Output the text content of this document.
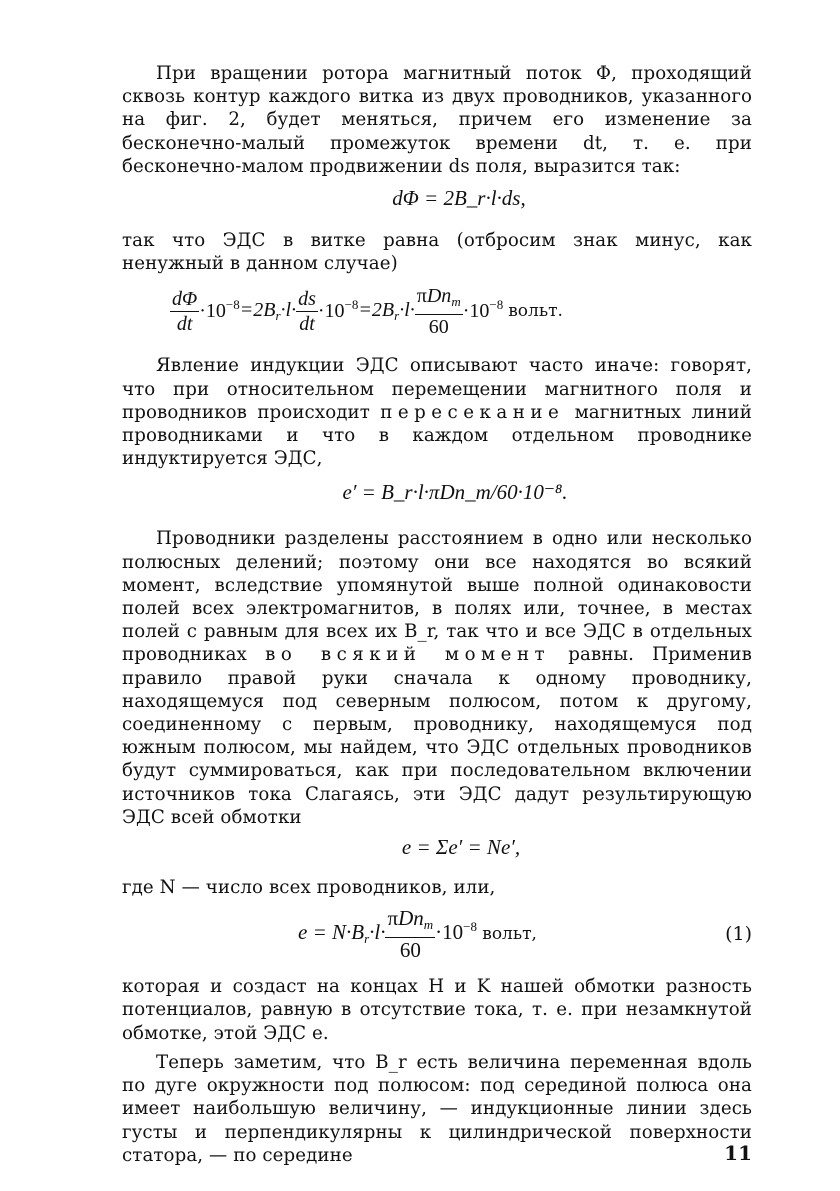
При вращении ротора магнитный поток Φ, проходящий сквозь контур каждого витка из двух проводников, указанного на фиг. 2, будет меняться, причем его изменение за бесконечно-малый промежуток времени dt, т. е. при бесконечно-малом продвижении ds поля, выразится так:

dΦ = 2B_r·l·ds,

так что ЭДС в витке равна (отбросим знак минус, как ненужный в данном случае)

$\frac{d\Phi}{dt} \cdot 10^{-8}=2B_r\cdot l\cdot \frac{ds}{dt} \cdot 10^{-8}=2B_r\cdot l\cdot$
πDn$_m$
60
$\cdot 10^{-8}$ вольт.

Явление индукции ЭДС описывают часто иначе: говорят, что при относительном перемещении магнитного поля и проводников происходит пересекание магнитных линий проводниками и что в каждом отдельном проводнике индуктируется ЭДС,

e′ = B_r·l·πDn_m/60·10⁻⁸.

Проводники разделены расстоянием в одно или несколько полюсных делений; поэтому они все находятся во всякий момент, вследствие упомянутой выше полной одинаковости полей всех электромагнитов, в полях или, точнее, в местах полей с равным для всех их B_r, так что и все ЭДС в отдельных проводниках во всякий момент равны. Применив правило правой руки сначала к одному проводнику, находящемуся под северным полюсом, потом к другому, соединенному с первым, проводнику, находящемуся под южным полюсом, мы найдем, что ЭДС отдельных проводников будут суммироваться, как при последовательном включении источников тока Слагаясь, эти ЭДС дадут результирующую ЭДС всей обмотки

e = Σe′ = Ne′,

где N — число всех проводников, или,

$e = N\cdot B_r\cdot l\cdot$
πDn$_m$
60
$\cdot 10^{-8}$ вольт,	(1)

которая и создаст на концах H и K нашей обмотки разность потенциалов, равную в отсутствие тока, т. е. при незамкнутой обмотке, этой ЭДС e.

Теперь заметим, что B_r есть величина переменная вдоль по дуге окружности под полюсом: под серединой полюса она имеет наибольшую величину, — индукционные линии здесь густы и перпендикулярны к цилиндрической поверхности статора, — по середине	11
